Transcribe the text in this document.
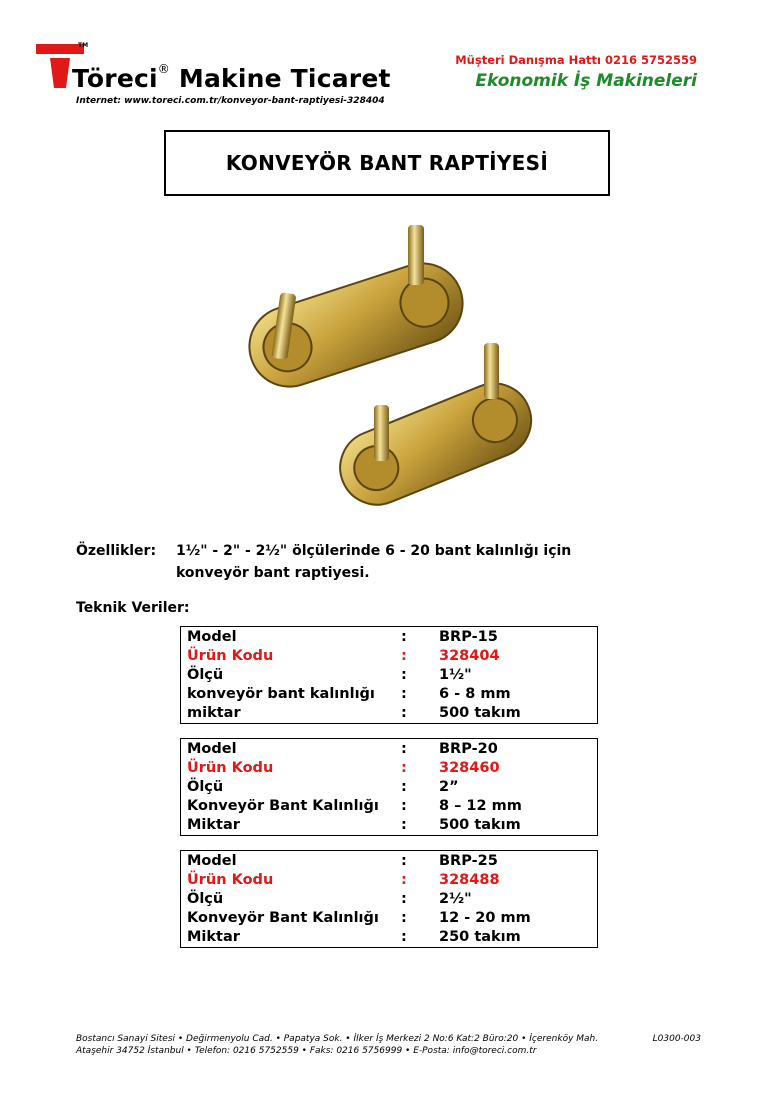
TM
Töreci® Makine Ticaret
Internet: www.toreci.com.tr/konveyor-bant-raptiyesi-328404
Müşteri Danışma Hattı 0216 5752559
Ekonomik İş Makineleri
KONVEYÖR BANT RAPTİYESİ
Özellikler: 1½" - 2" - 2½" ölçülerinde 6 - 20 bant kalınlığı için
konveyör bant raptiyesi.
Teknik Veriler:
Model	:	BRP-15
Ürün Kodu	:	328404
Ölçü	:	1½"
konveyör bant kalınlığı	:	6 - 8 mm
miktar	:	500 takım
Model	:	BRP-20
Ürün Kodu	:	328460
Ölçü	:	2”
Konveyör Bant Kalınlığı	:	8 – 12 mm
Miktar	:	500 takım
Model	:	BRP-25
Ürün Kodu	:	328488
Ölçü	:	2½"
Konveyör Bant Kalınlığı	:	12 - 20 mm
Miktar	:	250 takım
Bostancı Sanayi Sitesi • Değirmenyolu Cad. • Papatya Sok. • İlker İş Merkezi 2 No:6 Kat:2 Büro:20 • İçerenköy Mah.
Ataşehir 34752 İstanbul • Telefon: 0216 5752559 • Faks: 0216 5756999 • E-Posta: info@toreci.com.tr
L0300-003
